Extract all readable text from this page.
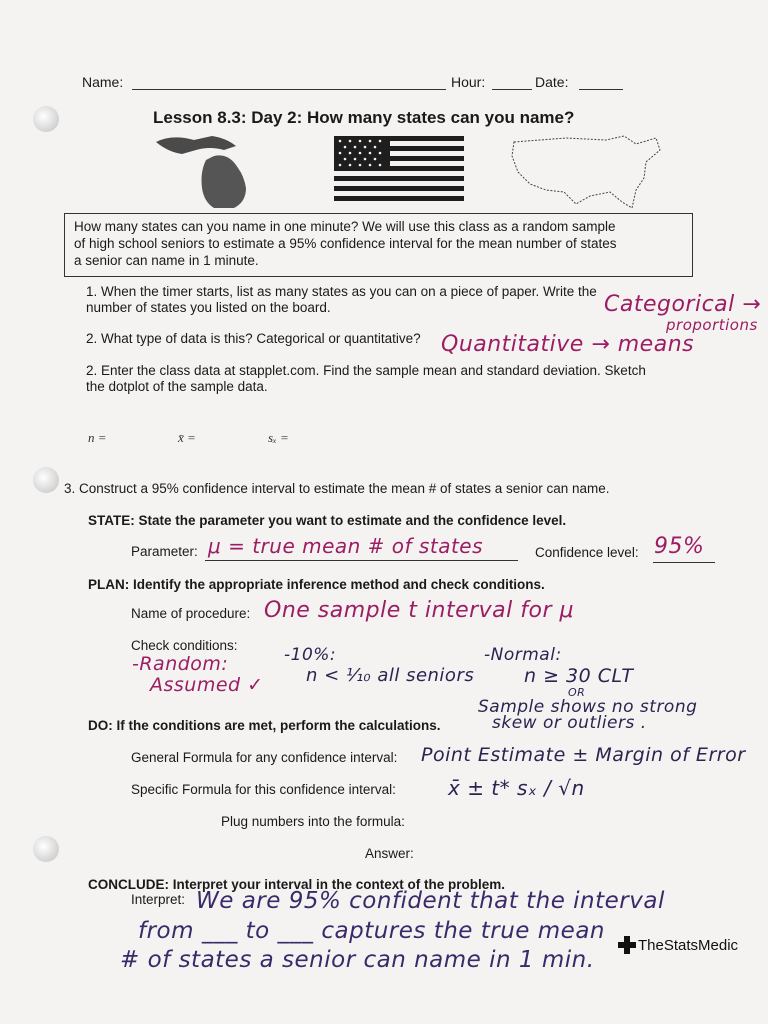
Name:	Hour:	Date:
Lesson 8.3: Day 2: How many states can you name?
How many states can you name in one minute? We will use this class as a random sample
of high school seniors to estimate a 95% confidence interval for the mean number of states
a senior can name in 1 minute.
1. When the timer starts, list as many states as you can on a piece of paper. Write the
number of states you listed on the board.
2. What type of data is this? Categorical or quantitative?
Categorical →
proportions
Quantitative → means
2. Enter the class data at stapplet.com. Find the sample mean and standard deviation. Sketch
the dotplot of the sample data.
n =	x̄ =	sₓ =
3. Construct a 95% confidence interval to estimate the mean # of states a senior can name.
STATE: State the parameter you want to estimate and the confidence level.
Parameter: μ = true mean # of states	Confidence level: 95%
PLAN: Identify the appropriate inference method and check conditions.
Name of procedure: One sample t interval for μ
Check conditions:
-Random:
Assumed ✓
-10%:
n < ⅒ all seniors
-Normal:
n ≥ 30 CLT
OR
Sample shows no strong
skew or outliers .
DO: If the conditions are met, perform the calculations.
General Formula for any confidence interval: Point Estimate ± Margin of Error
Specific Formula for this confidence interval:	x̄ ± t* sₓ / √n
Plug numbers into the formula:
Answer:
CONCLUDE: Interpret your interval in the context of the problem.
Interpret: We are 95% confident that the interval
from ___ to ___ captures the true mean
# of states a senior can name in 1 min.
TheStatsMedic
